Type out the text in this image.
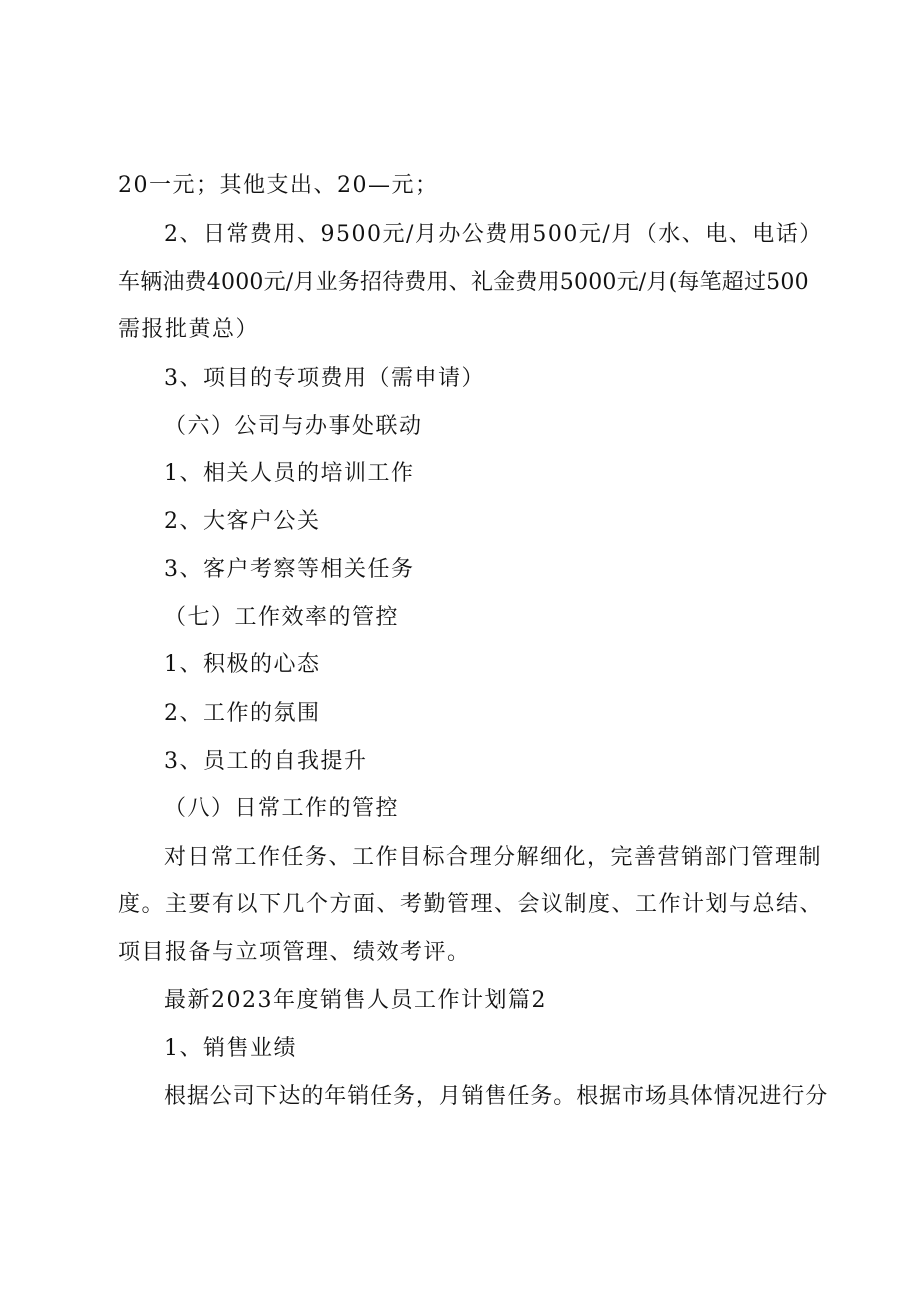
20一元；其他支出、20—元；
2、日常费用、9500元/月办公费用500元/月（水、电、电话）
车辆油费4000元/月业务招待费用、礼金费用5000元/月(每笔超过500
需报批黄总）
3、项目的专项费用（需申请）
（六）公司与办事处联动
1、相关人员的培训工作
2、大客户公关
3、客户考察等相关任务
（七）工作效率的管控
1、积极的心态
2、工作的氛围
3、员工的自我提升
（八）日常工作的管控
对日常工作任务、工作目标合理分解细化，完善营销部门管理制
度。主要有以下几个方面、考勤管理、会议制度、工作计划与总结、
项目报备与立项管理、绩效考评。
最新2023年度销售人员工作计划篇2
1、销售业绩
根据公司下达的年销任务，月销售任务。根据市场具体情况进行分
